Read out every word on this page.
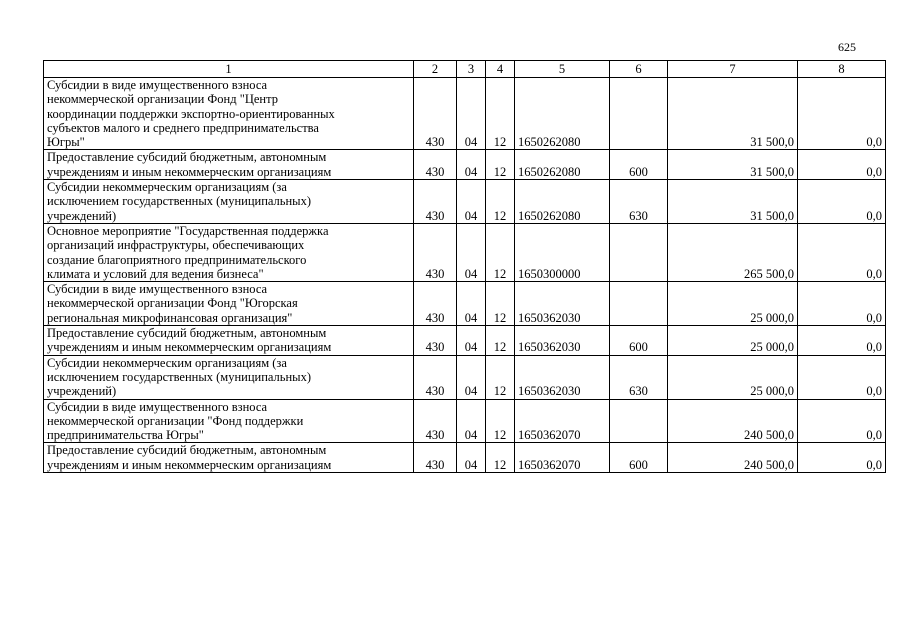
625
1	2	3	4	5	6	7	8
Субсидии в виде имущественного взноса
некоммерческой организации Фонд "Центр
координации поддержки экспортно-ориентированных
субъектов малого и среднего предпринимательства
Югры"	430	04	12	1650262080		31 500,0	0,0
Предоставление субсидий бюджетным, автономным
учреждениям и иным некоммерческим организациям	430	04	12	1650262080	600	31 500,0	0,0
Субсидии некоммерческим организациям (за
исключением государственных (муниципальных)
учреждений)	430	04	12	1650262080	630	31 500,0	0,0
Основное мероприятие "Государственная поддержка
организаций инфраструктуры, обеспечивающих
создание благоприятного предпринимательского
климата и условий для ведения бизнеса"	430	04	12	1650300000		265 500,0	0,0
Субсидии в виде имущественного взноса
некоммерческой организации Фонд "Югорская
региональная микрофинансовая организация"	430	04	12	1650362030		25 000,0	0,0
Предоставление субсидий бюджетным, автономным
учреждениям и иным некоммерческим организациям	430	04	12	1650362030	600	25 000,0	0,0
Субсидии некоммерческим организациям (за
исключением государственных (муниципальных)
учреждений)	430	04	12	1650362030	630	25 000,0	0,0
Субсидии в виде имущественного взноса
некоммерческой организации "Фонд поддержки
предпринимательства Югры"	430	04	12	1650362070		240 500,0	0,0
Предоставление субсидий бюджетным, автономным
учреждениям и иным некоммерческим организациям	430	04	12	1650362070	600	240 500,0	0,0
